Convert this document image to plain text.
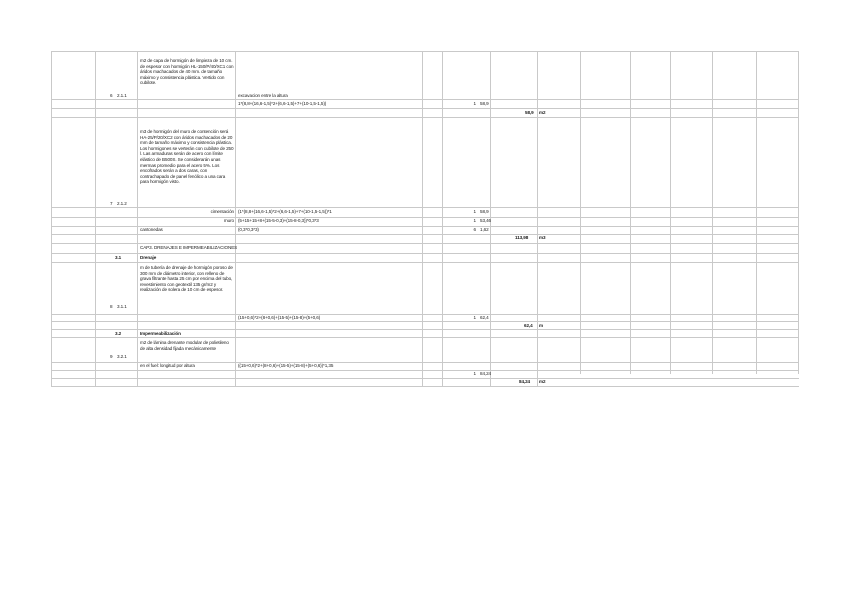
m2 de capa de hormigón de limpieza de 10 cm. de espesor con hormigón HL-150/P/40/XC1 con áridos machacados de 40 mm. de tamaño máximo y consistencia plástica. Vertido con cubilote.
6 2.1.1	excavacion entre la altura
1*(8,8+(16,6-1,5)*2+(6,6-1,5)+7+(10-1,5-1,5))	1 58,9
58,9 m2
m3 de hormigón del muro de contención será HA-25/P/20/XC2 con áridos machacados de 20 mm de tamaño máximo y consistencia plástica. Los hormigones se verterán con cubilote de 250 l. Las armaduras serán de acero con límite elástico de B500S. Se considerarán unas mermas promedio para el acero 5%. Los encofrados serán a dos caras, con contrachapado de panel fenólico a una cara para hormigón visto.
7 2.1.2
cimentación (1*(8,8+(16,6-1,5)*2+(6,6-1,5)+7+(10-1,5-1,5))*1	1 58,9
muro (5+15+15+8+(15-5-0,3)+(15-8-0,3))*0,3*3	1 53,46
cantonedas	(0,3*0,3*3)	6 1,62
113,98 m3
CAP3. DRENAJES E IMPERMEABILIZACIONES
3.1	Drenaje
m de tubería de drenaje de hormigón poroso de 300 mm de diámetro interior, con relleno de grava filtrante hasta 25 cm por encima del tubo, revestimiento con geotextil 135 gr/m2 y realización de solera de 10 cm de espesor.
8 3.1.1
(15+0,6)*2+(8+0,6)+(15-5)+(15-8)+(5+0,6)	1 62,4
62,4 m
3.2	Impermeabilización
m2 de lámina drenante modular de polietileno de alta densidad fijada mecánicamente
9 3.2.1
en el fuel: longitud por altura	((15+0,6)*2+(8+0,6)+(15-5)+(15-8)+(5+0,6))*1,35
1 84,24
84,24 m2
